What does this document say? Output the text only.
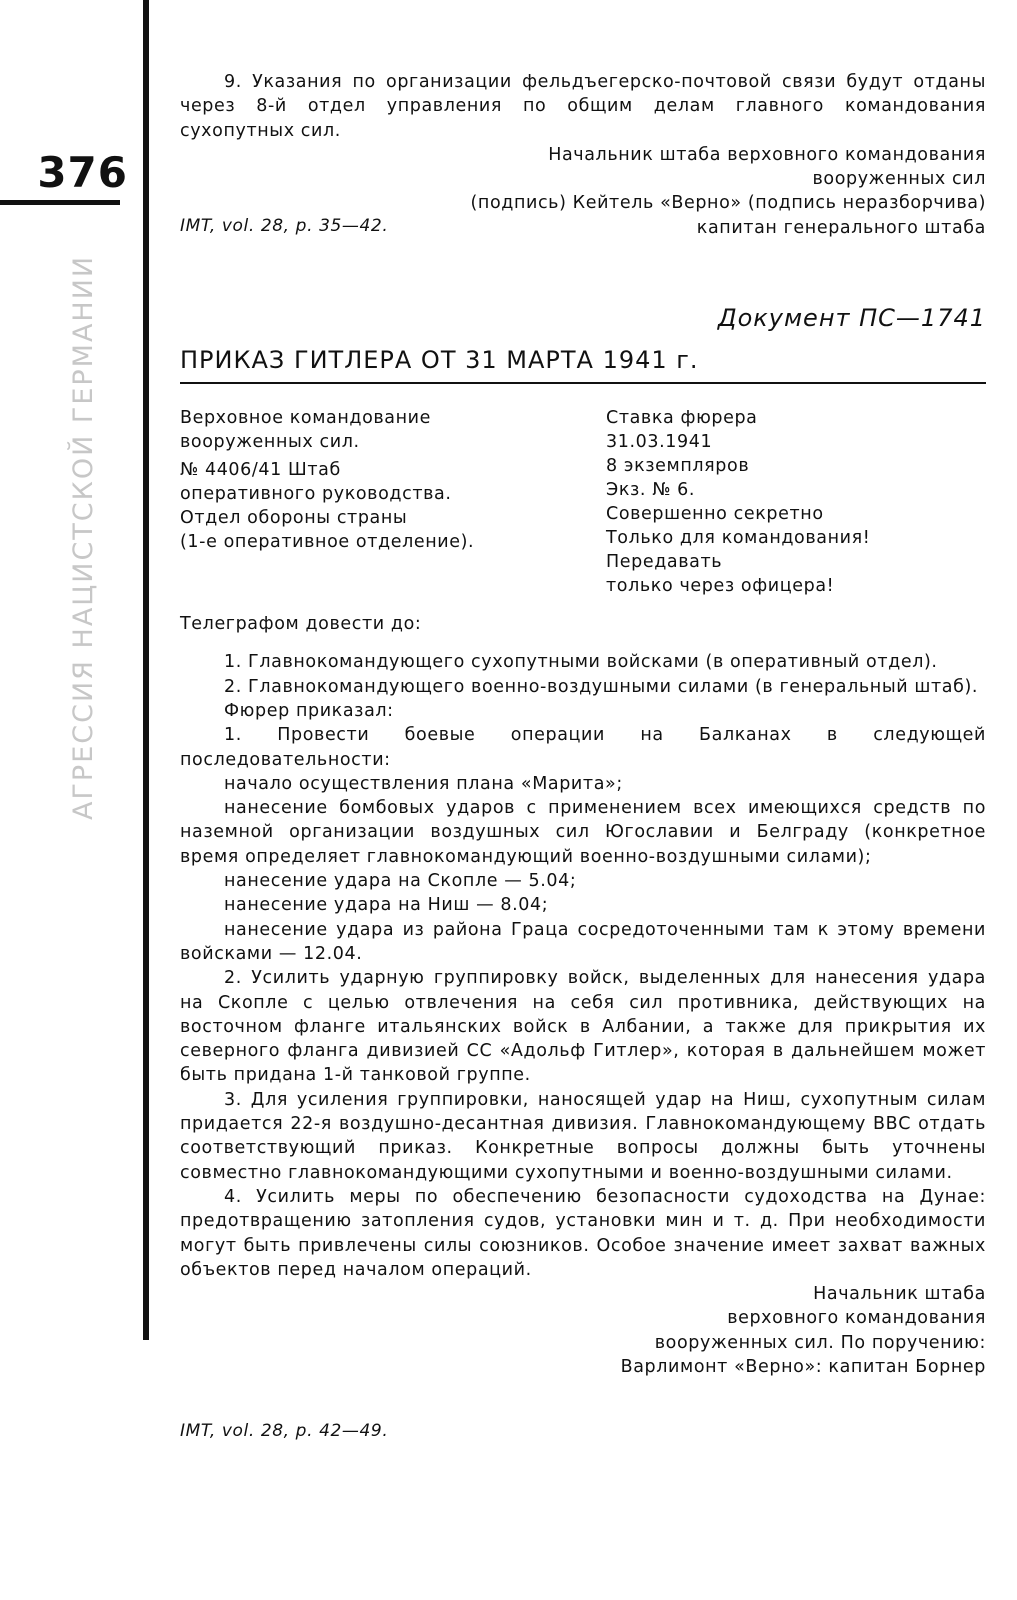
376
АГРЕССИЯ НАЦИСТСКОЙ ГЕРМАНИИ

9. Указания по организации фельдъегерско-почтовой связи будут отданы через 8-й отдел управления по общим делам главного командования сухопутных сил.

Начальник штаба верховного командования

вооруженных сил

(подпись) Кейтель «Верно» (подпись неразборчива)

капитан генерального штаба

IMT, vol. 28, p. 35—42.
Документ ПС—1741
ПРИКАЗ ГИТЛЕРА ОТ 31 МАРТА 1941 г.
Верховное командование
вооруженных сил.
№ 4406/41 Штаб
оперативного руководства.
Отдел обороны страны
(1-е оперативное отделение).
Ставка фюрера
31.03.1941
8 экземпляров
Экз. № 6.
Совершенно секретно
Только для командования!
Передавать
только через офицера!

Телеграфом довести до:

1. Главнокомандующего сухопутными войсками (в оперативный отдел).

2. Главнокомандующего военно-воздушными силами (в генеральный штаб).

Фюрер приказал:

1. Провести боевые операции на Балканах в следующей последовательности:

начало осуществления плана «Марита»;

нанесение бомбовых ударов с применением всех имеющихся средств по наземной организации воздушных сил Югославии и Белграду (конкретное время определяет главнокомандующий военно-воздушными силами);

нанесение удара на Скопле — 5.04;

нанесение удара на Ниш — 8.04;

нанесение удара из района Граца сосредоточенными там к этому времени войсками — 12.04.

2. Усилить ударную группировку войск, выделенных для нанесения удара на Скопле с целью отвлечения на себя сил противника, действующих на восточном фланге итальянских войск в Албании, а также для прикрытия их северного фланга дивизией СС «Адольф Гитлер», которая в дальнейшем может быть придана 1-й танковой группе.

3. Для усиления группировки, наносящей удар на Ниш, сухопутным силам придается 22-я воздушно-десантная дивизия. Главнокомандующему ВВС отдать соответствующий приказ. Конкретные вопросы должны быть уточнены совместно главнокомандующими сухопутными и военно-воздушными силами.

4. Усилить меры по обеспечению безопасности судоходства на Дунае: предотвращению затопления судов, установки мин и т. д. При необходимости могут быть привлечены силы союзников. Особое значение имеет захват важных объектов перед началом операций.

Начальник штаба

верховного командования

вооруженных сил. По поручению:

Варлимонт «Верно»: капитан Борнер

IMT, vol. 28, p. 42—49.
